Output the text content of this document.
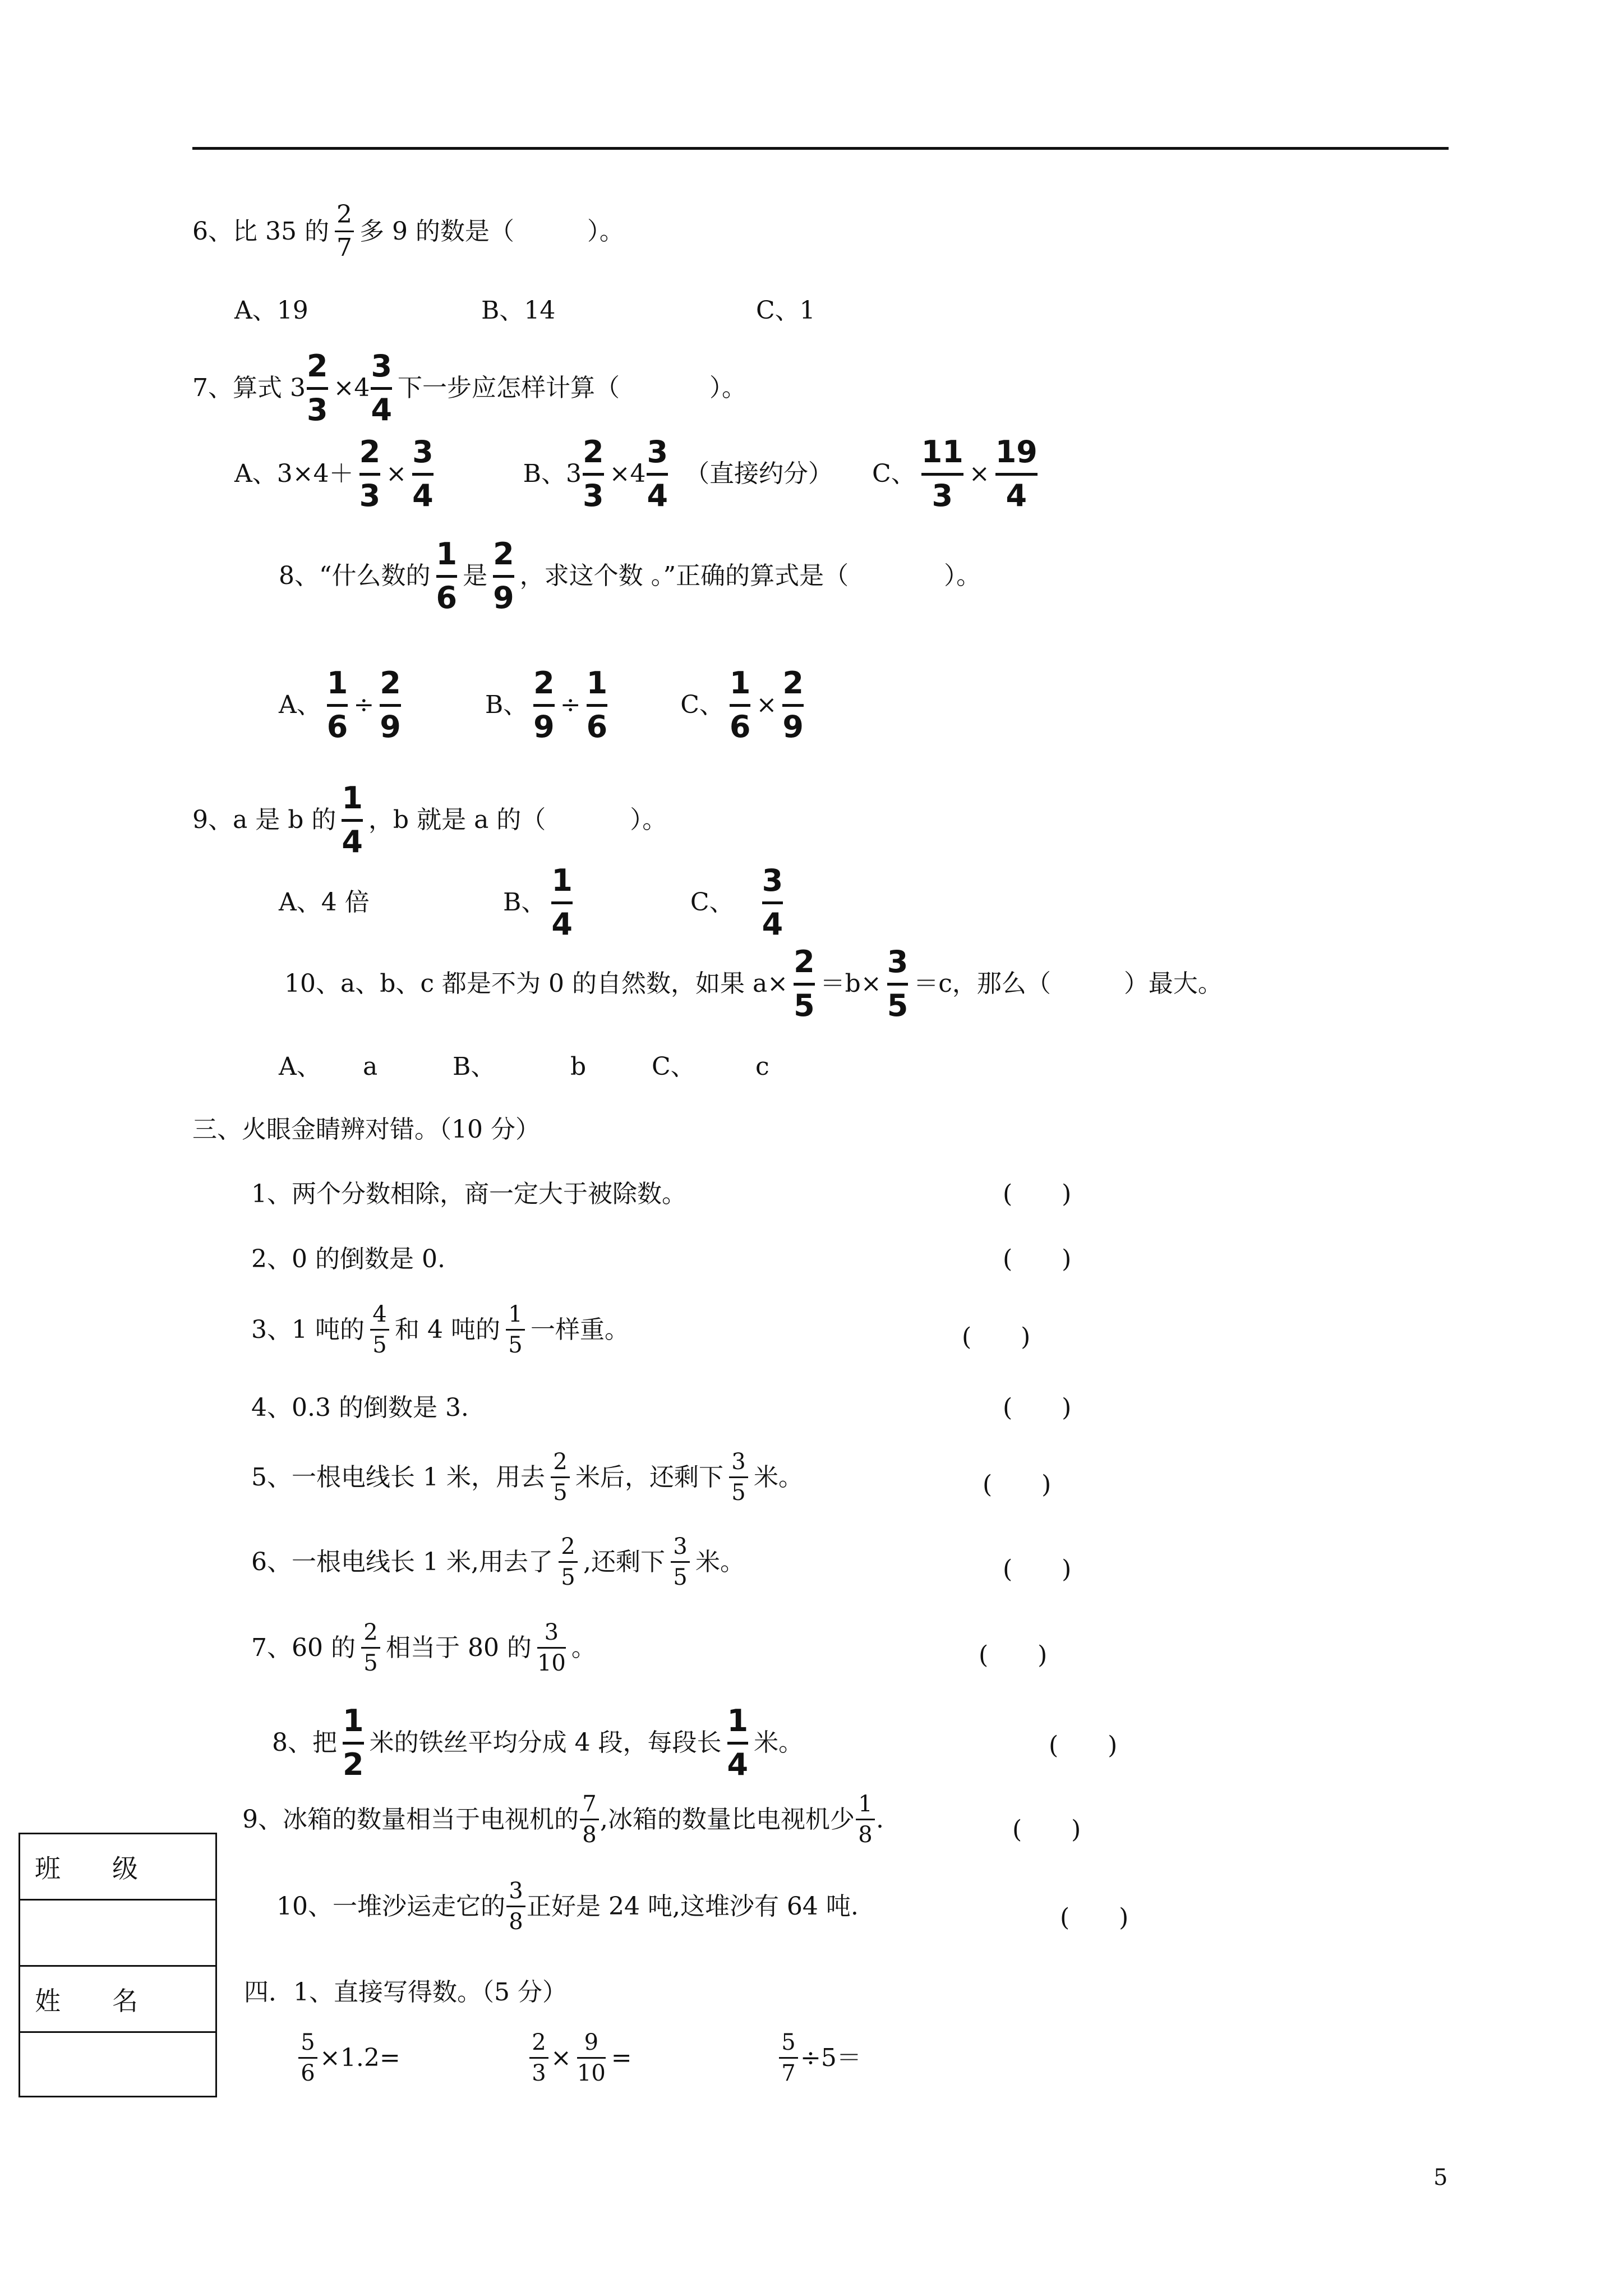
6、比 35 的
2
7
多 9 的数是（	）。
A、19	B、14	C、1
7、算式 3
2
3
×4
3
4
下一步应怎样计算（	）。
A、3×4＋
2
3
×
3
4
B、3
2
3
×4
3
4
（直接约分） C、
11
3
×
19
4
8、“什么数的
1
6
是
2
9
，求这个数 。”正确的算式是（	）。
A、
1
6
÷
2
9
B、
2
9
÷
1
6
C、
1
6
×
2
9
9、a 是 b 的
1
4
，b 就是 a 的（	）。
A、4 倍	B、
1
4
C、
3
4
10、a、b、c 都是不为 0 的自然数，如果 a×
2
5
＝b×
3
5
＝c，那么（	）最大。
A、	a	B、	b	C、	c
三、火眼金睛辨对错。（10 分）
1、两个分数相除，商一定大于被除数。	(　　)
2、0 的倒数是 0.	(　　)
3、1 吨的
4
5
和 4 吨的
1
5
一样重。	(　　)
4、0.3 的倒数是 3.	(　　)
5、一根电线长 1 米，用去
2
5
米后，还剩下
3
5
米。	(　　)
6、一根电线长 1 米,用去了
2
5
,还剩下
3
5
米。	(　　)
7、60 的
2
5
相当于 80 的
3
10
。	(　　)
8、把
1
2
米的铁丝平均分成 4 段，每段长
1
4
米。	(　　)
9、冰箱的数量相当于电视机的
7
8
,冰箱的数量比电视机少
1
8
.	(　　)
10、一堆沙运走它的
3
8
正好是 24 吨,这堆沙有 64 吨.	(　　)
四．1、直接写得数。（5 分）
5
6
×1.2=
2
3
×
9
10
=
5
7
÷5＝
班　　级
姓　　名
5
